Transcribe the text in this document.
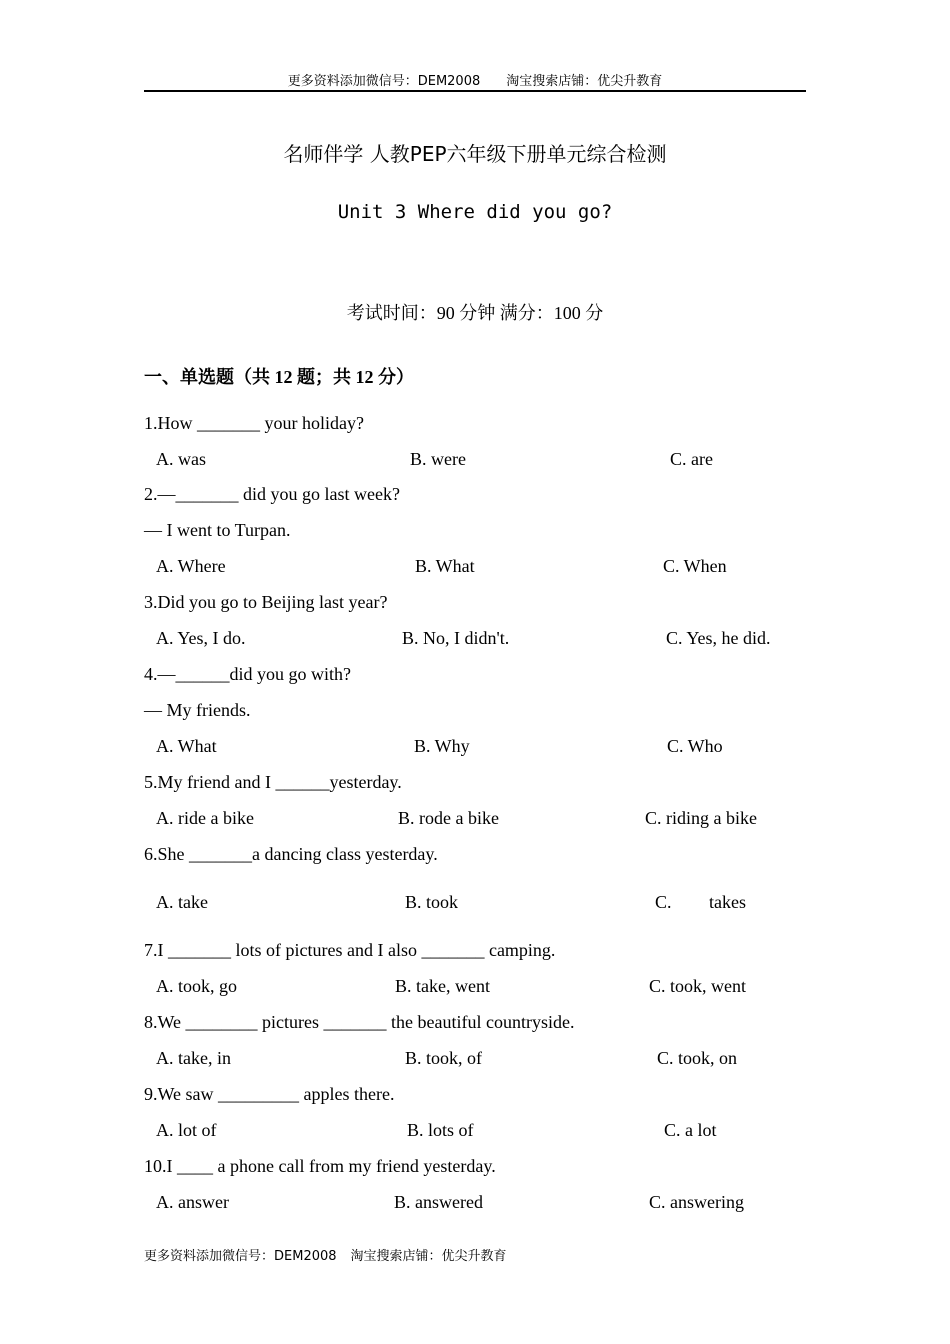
更多资料添加微信号：DEM2008 淘宝搜索店铺：优尖升教育
名师伴学 人教PEP六年级下册单元综合检测
Unit 3 Where did you go?
考试时间：90 分钟 满分：100 分
一、单选题（共 12 题；共 12 分）
1.How _______ your holiday?
A. was	B. were	C. are
2.—_______ did you go last week?
— I went to Turpan.
A. Where	B. What	C. When
3.Did you go to Beijing last year?
A. Yes, I do.	B. No, I didn't.	C. Yes, he did.
4.—______did you go with?
— My friends.
A. What	B. Why	C. Who
5.My friend and I ______yesterday.
A. ride a bike	B. rode a bike	C. riding a bike
6.She _______a dancing class yesterday.
A. take	B. took	C. takes
7.I _______ lots of pictures and I also _______ camping.
A. took, go	B. take, went	C. took, went
8.We ________ pictures _______ the beautiful countryside.
A. take, in	B. took, of	C. took, on
9.We saw _________ apples there.
A. lot of	B. lots of	C. a lot
10.I ____ a phone call from my friend yesterday.
A. answer	B. answered	C. answering
更多资料添加微信号：DEM2008 淘宝搜索店铺：优尖升教育
